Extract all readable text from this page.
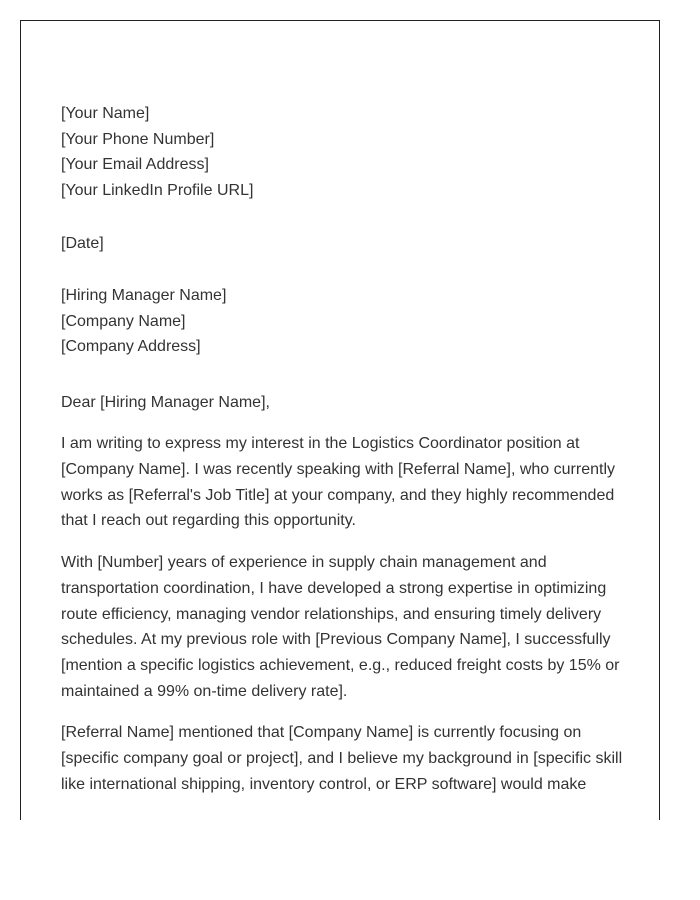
[Your Name]
[Your Phone Number]
[Your Email Address]
[Your LinkedIn Profile URL]
[Date]
[Hiring Manager Name]
[Company Name]
[Company Address]
Dear [Hiring Manager Name],

I am writing to express my interest in the Logistics Coordinator position at [Company Name]. I was recently speaking with [Referral Name], who currently works as [Referral's Job Title] at your company, and they highly recommended that I reach out regarding this opportunity.

With [Number] years of experience in supply chain management and transportation coordination, I have developed a strong expertise in optimizing route efficiency, managing vendor relationships, and ensuring timely delivery schedules. At my previous role with [Previous Company Name], I successfully [mention a specific logistics achievement, e.g., reduced freight costs by 15% or maintained a 99% on-time delivery rate].

[Referral Name] mentioned that [Company Name] is currently focusing on [specific company goal or project], and I believe my background in [specific skill like international shipping, inventory control, or ERP software] would make
